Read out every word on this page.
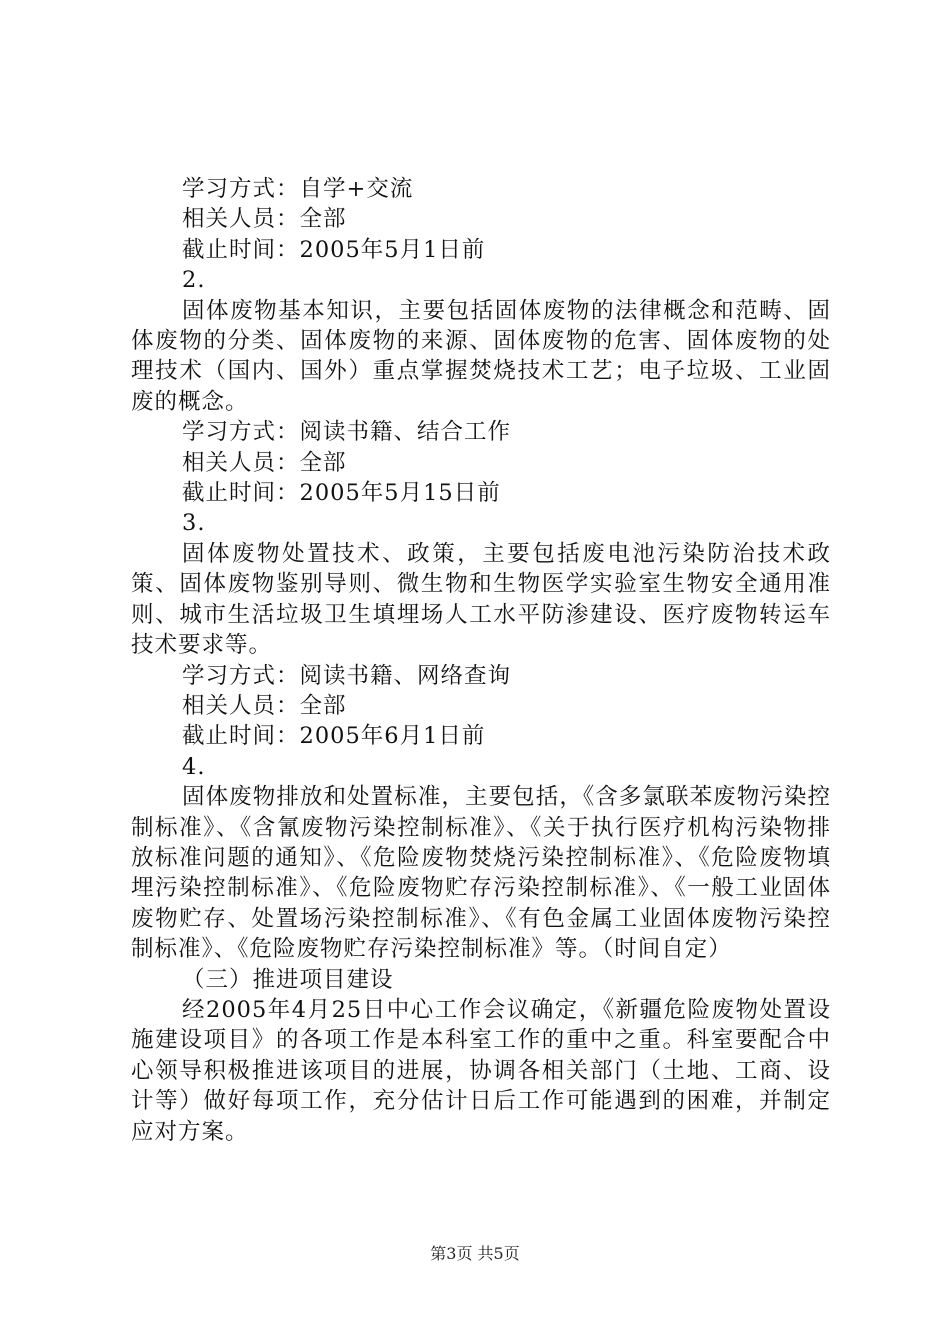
学习方式：自学+交流

相关人员：全部

截止时间：2005年5月1日前

2.

固体废物基本知识，主要包括固体废物的法律概念和范畴、固体废物的分类、固体废物的来源、固体废物的危害、固体废物的处理技术（国内、国外）重点掌握焚烧技术工艺；电子垃圾、工业固废的概念。

学习方式：阅读书籍、结合工作

相关人员：全部

截止时间：2005年5月15日前

3.

固体废物处置技术、政策，主要包括废电池污染防治技术政策、固体废物鉴别导则、微生物和生物医学实验室生物安全通用准则、城市生活垃圾卫生填埋场人工水平防渗建设、医疗废物转运车技术要求等。

学习方式：阅读书籍、网络查询

相关人员：全部

截止时间：2005年6月1日前

4.

固体废物排放和处置标准，主要包括，《含多氯联苯废物污染控制标准》、《含氰废物污染控制标准》、《关于执行医疗机构污染物排放标准问题的通知》、《危险废物焚烧污染控制标准》、《危险废物填埋污染控制标准》、《危险废物贮存污染控制标准》、《一般工业固体废物贮存、处置场污染控制标准》、《有色金属工业固体废物污染控制标准》、《危险废物贮存污染控制标准》等。（时间自定）

（三）推进项目建设

经2005年4月25日中心工作会议确定，《新疆危险废物处置设施建设项目》的各项工作是本科室工作的重中之重。科室要配合中心领导积极推进该项目的进展，协调各相关部门（土地、工商、设计等）做好每项工作，充分估计日后工作可能遇到的困难，并制定应对方案。

第3页 共5页
